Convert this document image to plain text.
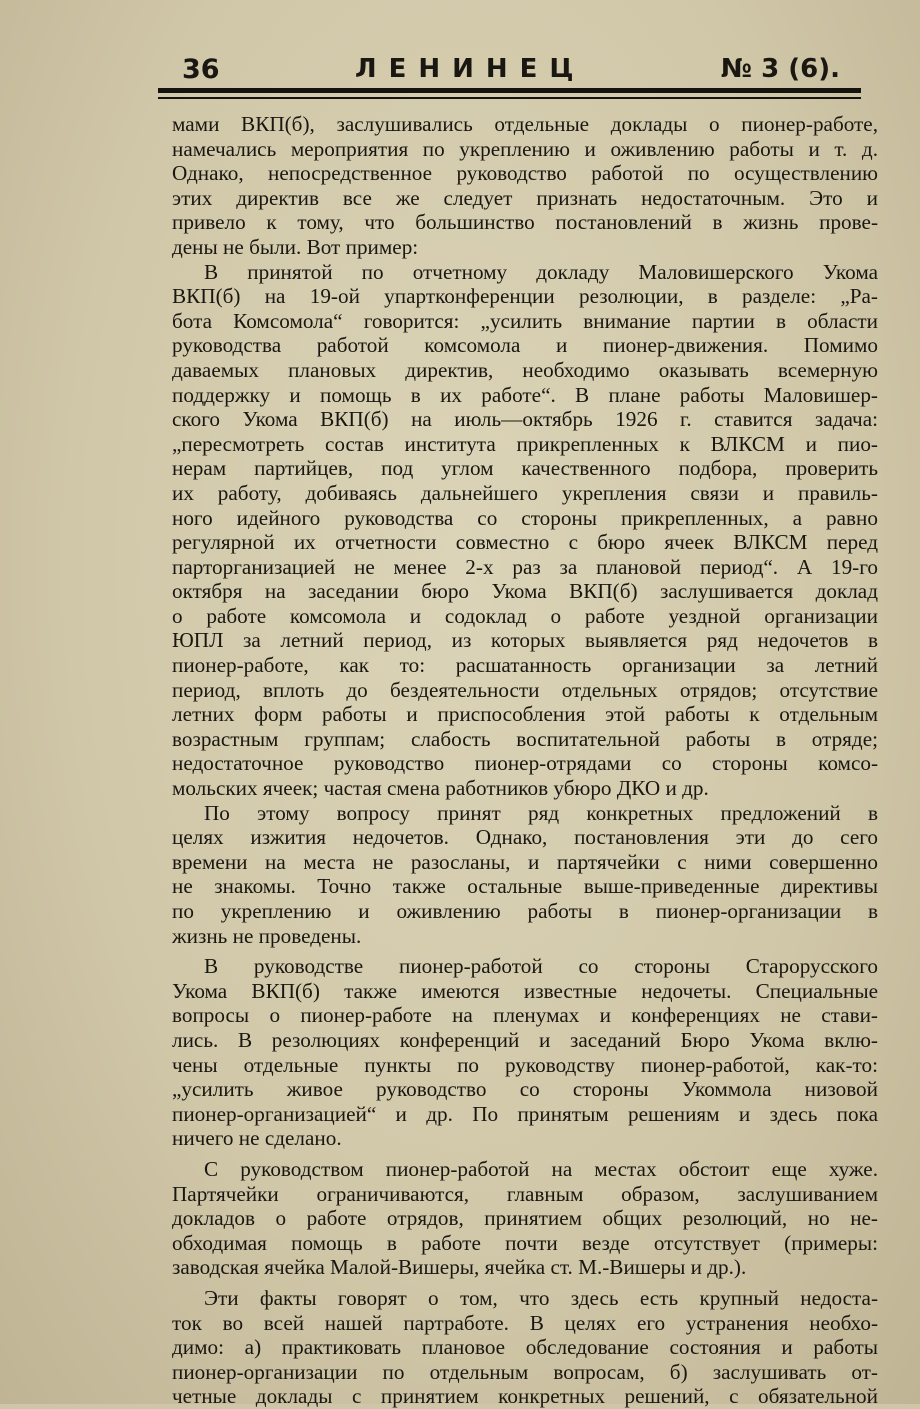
36	ЛЕНИНЕЦ	№ 3 (6).
мами ВКП(б), заслушивались отдельные доклады о пионер-работе,
намечались мероприятия по укреплению и оживлению работы и т. д.
Однако, непосредственное руководство работой по осуществлению
этих директив все же следует признать недостаточным. Это и
привело к тому, что большинство постановлений в жизнь прове-
дены не были. Вот пример:
В принятой по отчетному докладу Маловишерского Укома
ВКП(б) на 19-ой упартконференции резолюции, в разделе: „Ра-
бота Комсомола“ говорится: „усилить внимание партии в области
руководства работой комсомола и пионер-движения. Помимо
даваемых плановых директив, необходимо оказывать всемерную
поддержку и помощь в их работе“. В плане работы Маловишер-
ского Укома ВКП(б) на июль—октябрь 1926 г. ставится задача:
„пересмотреть состав института прикрепленных к ВЛКСМ и пио-
нерам партийцев, под углом качественного подбора, проверить
их работу, добиваясь дальнейшего укрепления связи и правиль-
ного идейного руководства со стороны прикрепленных, а равно
регулярной их отчетности совместно с бюро ячеек ВЛКСМ перед
парторганизацией не менее 2-х раз за плановой период“. А 19-го
октября на заседании бюро Укома ВКП(б) заслушивается доклад
о работе комсомола и содоклад о работе уездной организации
ЮПЛ за летний период, из которых выявляется ряд недочетов в
пионер-работе, как то: расшатанность организации за летний
период, вплоть до бездеятельности отдельных отрядов; отсутствие
летних форм работы и приспособления этой работы к отдельным
возрастным группам; слабость воспитательной работы в отряде;
недостаточное руководство пионер-отрядами со стороны комсо-
мольских ячеек; частая смена работников убюро ДКО и др.
По этому вопросу принят ряд конкретных предложений в
целях изжития недочетов. Однако, постановления эти до сего
времени на места не разосланы, и партячейки с ними совершенно
не знакомы. Точно также остальные выше-приведенные директивы
по укреплению и оживлению работы в пионер-организации в
жизнь не проведены.
В руководстве пионер-работой со стороны Старорусского
Укома ВКП(б) также имеются известные недочеты. Специальные
вопросы о пионер-работе на пленумах и конференциях не стави-
лись. В резолюциях конференций и заседаний Бюро Укома вклю-
чены отдельные пункты по руководству пионер-работой, как-то:
„усилить живое руководство со стороны Укоммола низовой
пионер-организацией“ и др. По принятым решениям и здесь пока
ничего не сделано.
С руководством пионер-работой на местах обстоит еще хуже.
Партячейки ограничиваются, главным образом, заслушиванием
докладов о работе отрядов, принятием общих резолюций, но не-
обходимая помощь в работе почти везде отсутствует (примеры:
заводская ячейка Малой-Вишеры, ячейка ст. М.-Вишеры и др.).
Эти факты говорят о том, что здесь есть крупный недоста-
ток во всей нашей партработе. В целях его устранения необхо-
димо: а) практиковать плановое обследование состояния и работы
пионер-организации по отдельным вопросам, б) заслушивать от-
четные доклады с принятием конкретных решений, с обязательной
